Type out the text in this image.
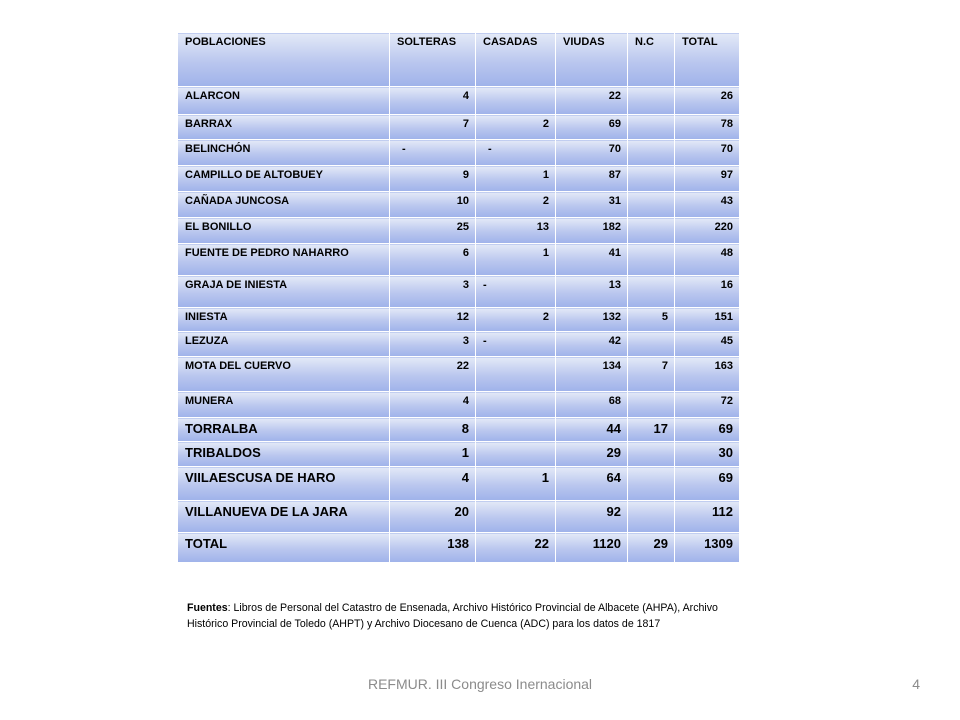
POBLACIONES	SOLTERAS	CASADAS	VIUDAS	N.C	TOTAL
ALARCON	4		22		26
BARRAX	7	2	69		78
BELINCHÓN	-	-	70		70
CAMPILLO DE ALTOBUEY	9	1	87		97
CAÑADA JUNCOSA	10	2	31		43
EL BONILLO	25	13	182		220
FUENTE DE PEDRO NAHARRO	6	1	41		48
GRAJA DE INIESTA	3	-	13		16
INIESTA	12	2	132	5	151
LEZUZA	3	-	42		45
MOTA DEL CUERVO	22		134	7	163
MUNERA	4		68		72
TORRALBA	8		44	17	69
TRIBALDOS	1		29		30
VIILAESCUSA DE HARO	4	1	64		69
VILLANUEVA DE LA JARA	20		92		112
TOTAL	138	22	1120	29	1309
Fuentes: Libros de Personal del Catastro de Ensenada, Archivo Histórico Provincial de Albacete (AHPA), Archivo Histórico Provincial de Toledo (AHPT) y Archivo Diocesano de Cuenca (ADC) para los datos de 1817
REFMUR. III Congreso Inernacional	4
